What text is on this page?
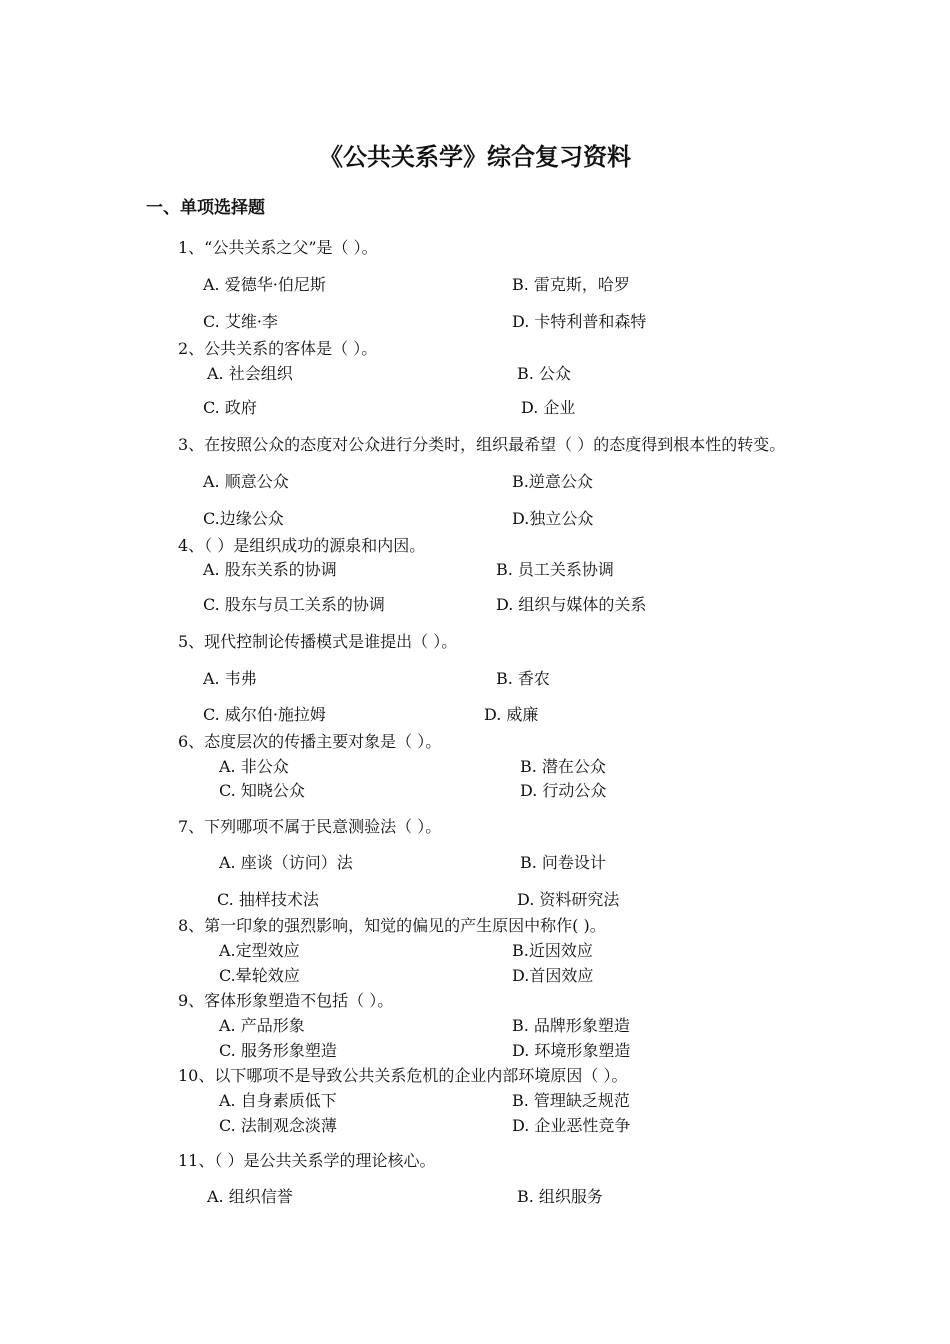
《公共关系学》综合复习资料
一、单项选择题
1、“公共关系之父”是（ ）。
A. 爱德华·伯尼斯	B. 雷克斯，哈罗
C. 艾维·李	D. 卡特利普和森特
2、公共关系的客体是（ ）。
A. 社会组织	B. 公众
C. 政府	D. 企业
3、在按照公众的态度对公众进行分类时，组织最希望（ ）的态度得到根本性的转变。
A. 顺意公众	B.逆意公众
C.边缘公众	D.独立公众
4、（ ）是组织成功的源泉和内因。
A. 股东关系的协调	B. 员工关系协调
C. 股东与员工关系的协调	D. 组织与媒体的关系
5、现代控制论传播模式是谁提出（ ）。
A. 韦弗	B. 香农
C. 威尔伯·施拉姆	D. 威廉
6、态度层次的传播主要对象是（ ）。
A. 非公众	B. 潜在公众
C. 知晓公众	D. 行动公众
7、下列哪项不属于民意测验法（ ）。
A. 座谈（访问）法	B. 问卷设计
C. 抽样技术法	D. 资料研究法
8、第一印象的强烈影响，知觉的偏见的产生原因中称作( )。
A.定型效应	B.近因效应
C.晕轮效应	D.首因效应
9、客体形象塑造不包括（ ）。
A. 产品形象	B. 品牌形象塑造
C. 服务形象塑造	D. 环境形象塑造
10、以下哪项不是导致公共关系危机的企业内部环境原因（ ）。
A. 自身素质低下	B. 管理缺乏规范
C. 法制观念淡薄	D. 企业恶性竞争
11、（ ）是公共关系学的理论核心。
A. 组织信誉	B. 组织服务
